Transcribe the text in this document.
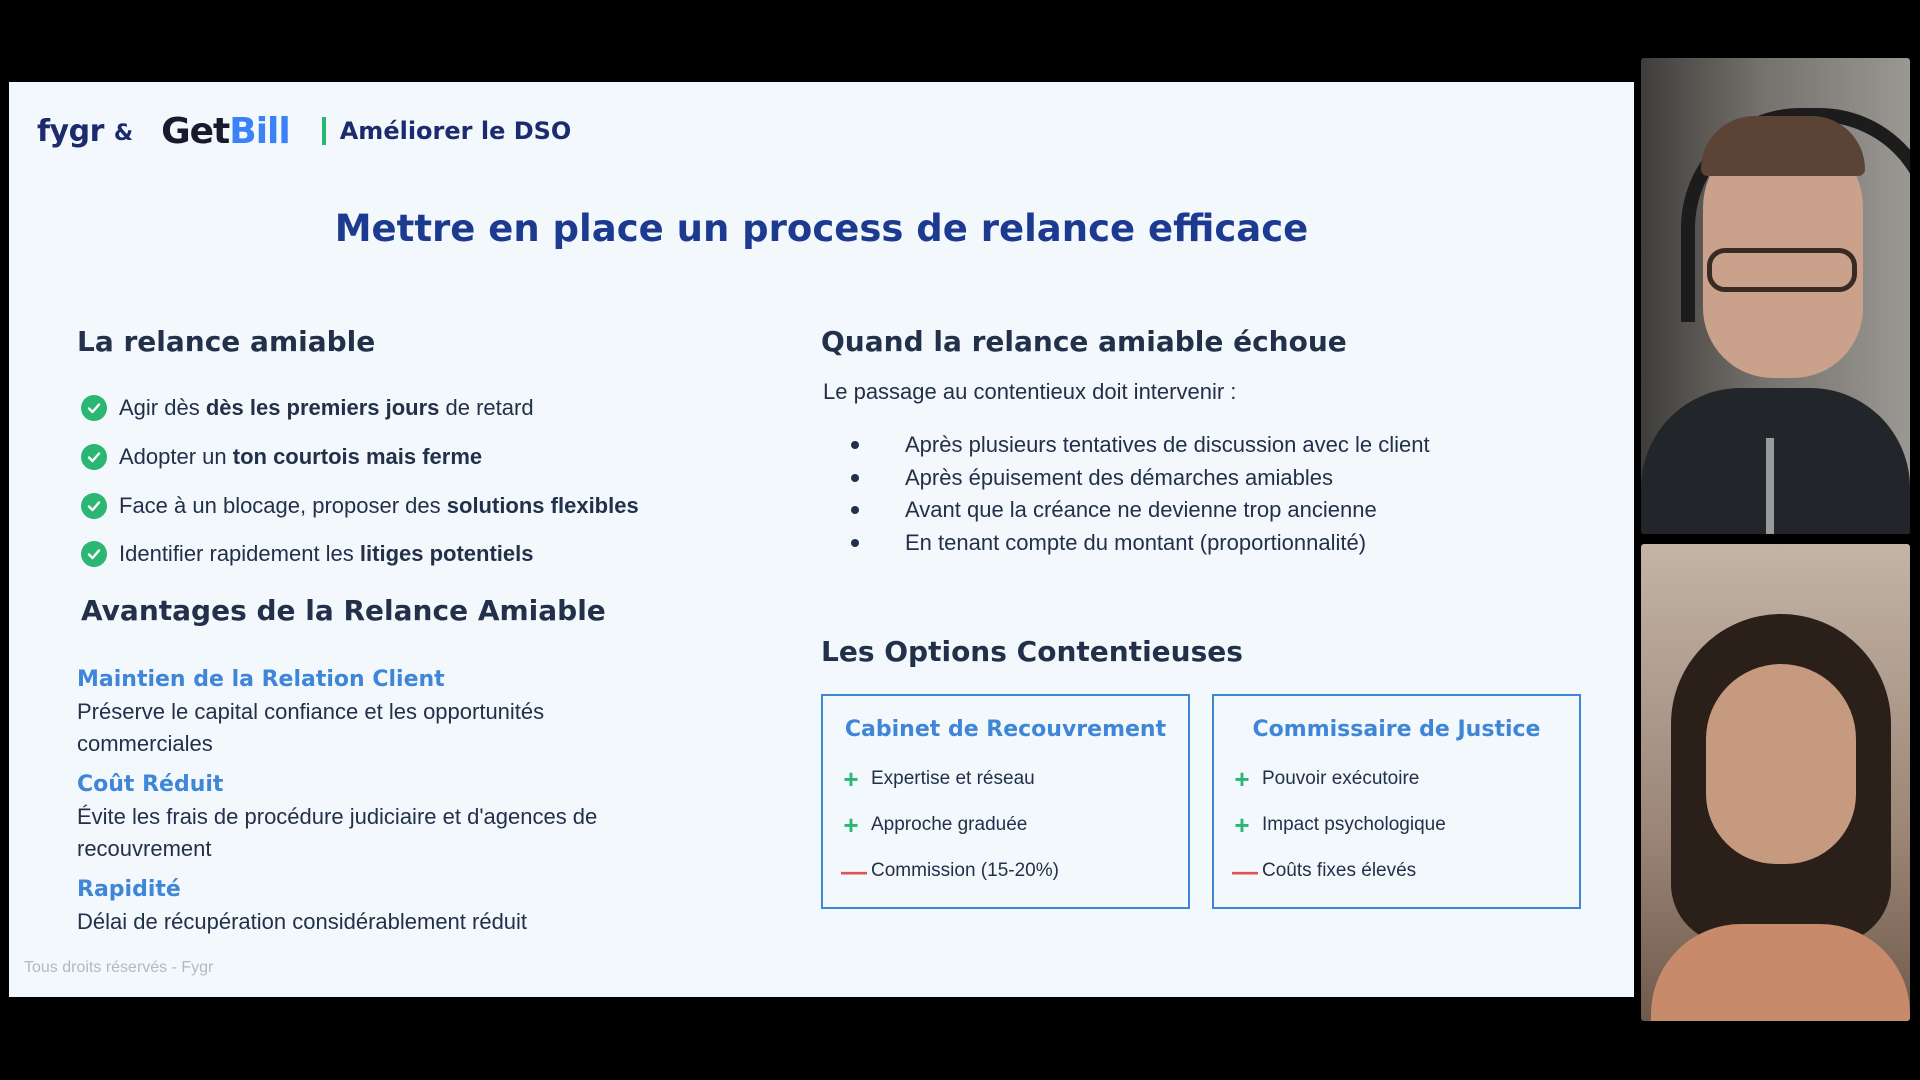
fygr & GetBill Améliorer le DSO
Mettre en place un process de relance efficace
La relance amiable
Agir dès dès les premiers jours de retard
Adopter un ton courtois mais ferme
Face à un blocage, proposer des solutions flexibles
Identifier rapidement les litiges potentiels
Avantages de la Relance Amiable
Maintien de la Relation Client
Préserve le capital confiance et les opportunités commerciales
Coût Réduit
Évite les frais de procédure judiciaire et d'agences de recouvrement
Rapidité
Délai de récupération considérablement réduit
Quand la relance amiable échoue
Le passage au contentieux doit intervenir :
Après plusieurs tentatives de discussion avec le client
Après épuisement des démarches amiables
Avant que la créance ne devienne trop ancienne
En tenant compte du montant (proportionnalité)
Les Options Contentieuses
Cabinet de Recouvrement
+ Expertise et réseau
+ Approche graduée
— Commission (15-20%)
Commissaire de Justice
+ Pouvoir exécutoire
+ Impact psychologique
— Coûts fixes élevés
Tous droits réservés - Fygr
